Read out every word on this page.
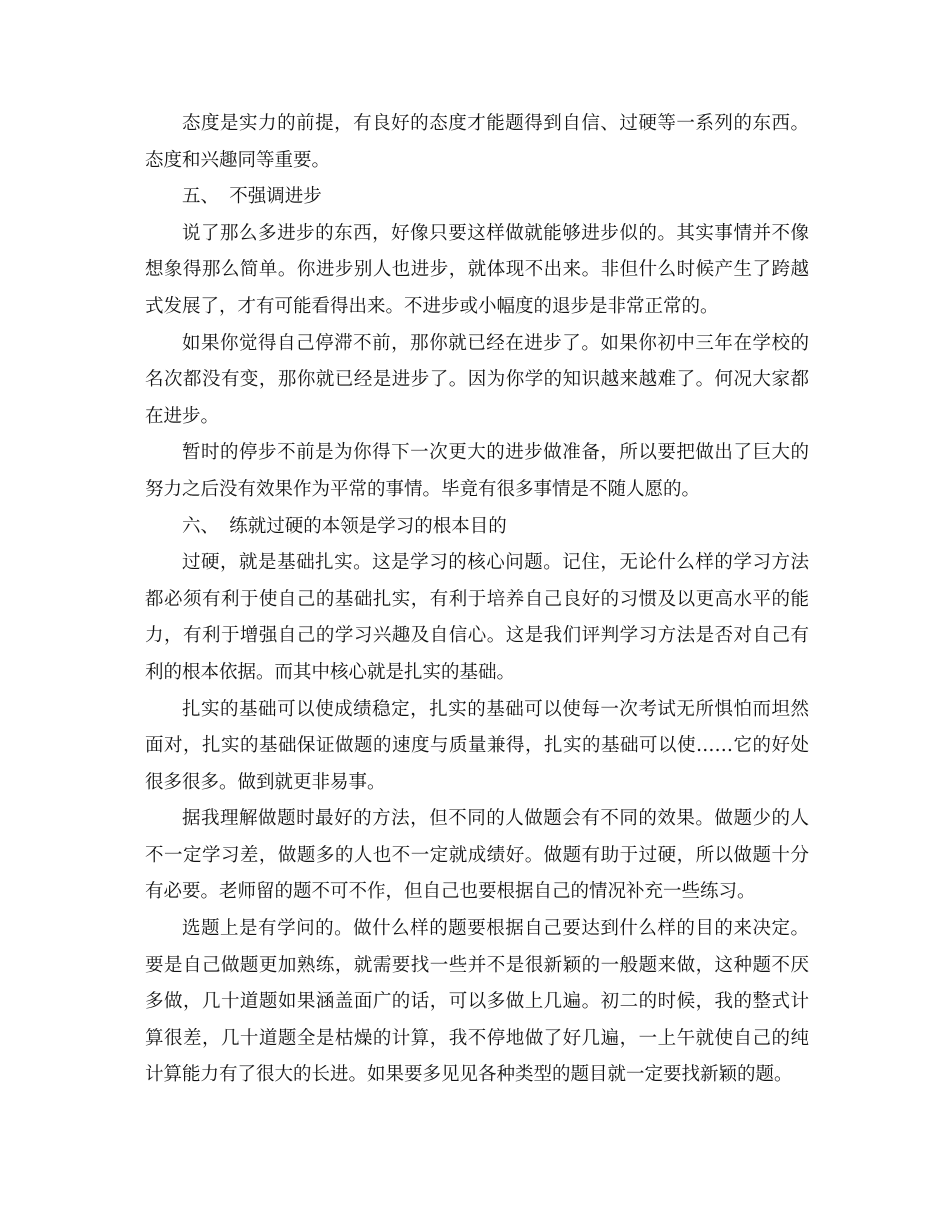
态度是实力的前提，有良好的态度才能题得到自信、过硬等一系列的东西。态度和兴趣同等重要。

五、 不强调进步

说了那么多进步的东西，好像只要这样做就能够进步似的。其实事情并不像想象得那么简单。你进步别人也进步，就体现不出来。非但什么时候产生了跨越式发展了，才有可能看得出来。不进步或小幅度的退步是非常正常的。

如果你觉得自己停滞不前，那你就已经在进步了。如果你初中三年在学校的名次都没有变，那你就已经是进步了。因为你学的知识越来越难了。何况大家都在进步。

暂时的停步不前是为你得下一次更大的进步做准备，所以要把做出了巨大的努力之后没有效果作为平常的事情。毕竟有很多事情是不随人愿的。

六、 练就过硬的本领是学习的根本目的

过硬，就是基础扎实。这是学习的核心问题。记住，无论什么样的学习方法都必须有利于使自己的基础扎实，有利于培养自己良好的习惯及以更高水平的能力，有利于增强自己的学习兴趣及自信心。这是我们评判学习方法是否对自己有利的根本依据。而其中核心就是扎实的基础。

扎实的基础可以使成绩稳定，扎实的基础可以使每一次考试无所惧怕而坦然面对，扎实的基础保证做题的速度与质量兼得，扎实的基础可以使……它的好处很多很多。做到就更非易事。

据我理解做题时最好的方法，但不同的人做题会有不同的效果。做题少的人不一定学习差，做题多的人也不一定就成绩好。做题有助于过硬，所以做题十分有必要。老师留的题不可不作，但自己也要根据自己的情况补充一些练习。

选题上是有学问的。做什么样的题要根据自己要达到什么样的目的来决定。要是自己做题更加熟练，就需要找一些并不是很新颖的一般题来做，这种题不厌多做，几十道题如果涵盖面广的话，可以多做上几遍。初二的时候，我的整式计算很差，几十道题全是枯燥的计算，我不停地做了好几遍，一上午就使自己的纯计算能力有了很大的长进。如果要多见见各种类型的题目就一定要找新颖的题。
